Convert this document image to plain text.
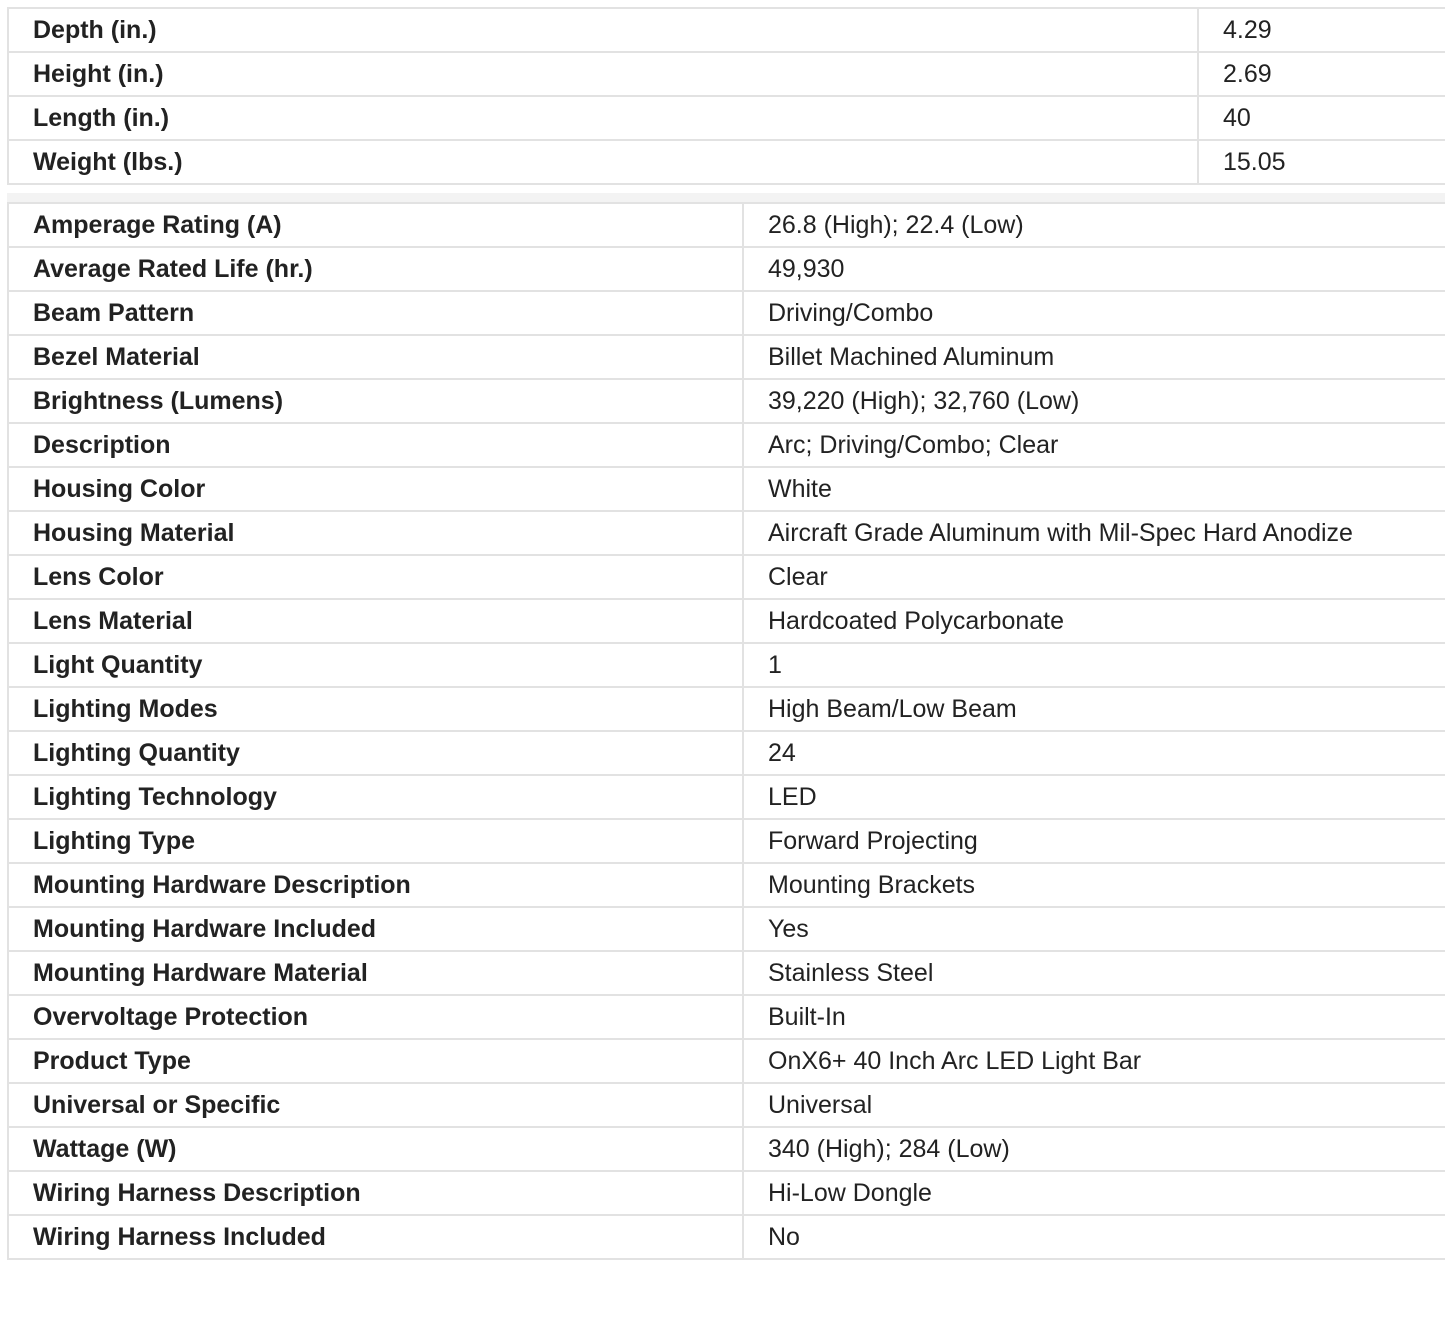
Depth (in.)	4.29
Height (in.)	2.69
Length (in.)	40
Weight (lbs.)	15.05
Amperage Rating (A)	26.8 (High); 22.4 (Low)
Average Rated Life (hr.)	49,930
Beam Pattern	Driving/Combo
Bezel Material	Billet Machined Aluminum
Brightness (Lumens)	39,220 (High); 32,760 (Low)
Description	Arc; Driving/Combo; Clear
Housing Color	White
Housing Material	Aircraft Grade Aluminum with Mil-Spec Hard Anodize
Lens Color	Clear
Lens Material	Hardcoated Polycarbonate
Light Quantity	1
Lighting Modes	High Beam/Low Beam
Lighting Quantity	24
Lighting Technology	LED
Lighting Type	Forward Projecting
Mounting Hardware Description	Mounting Brackets
Mounting Hardware Included	Yes
Mounting Hardware Material	Stainless Steel
Overvoltage Protection	Built-In
Product Type	OnX6+ 40 Inch Arc LED Light Bar
Universal or Specific	Universal
Wattage (W)	340 (High); 284 (Low)
Wiring Harness Description	Hi-Low Dongle
Wiring Harness Included	No
